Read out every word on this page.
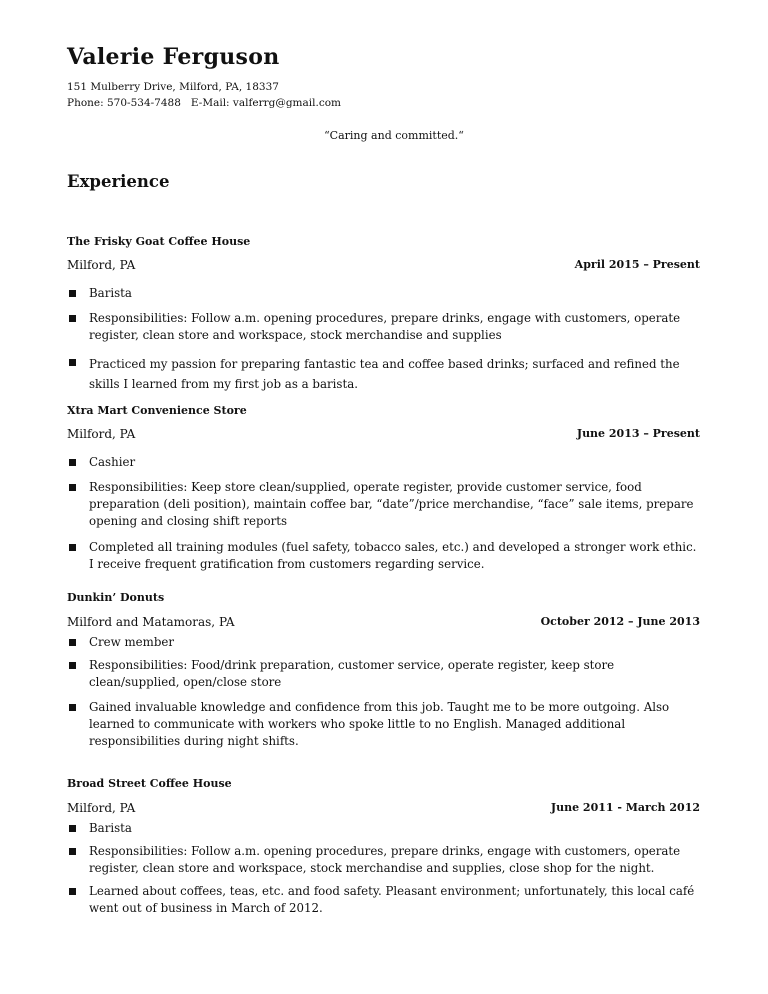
Valerie Ferguson
151 Mulberry Drive, Milford, PA, 18337
Phone: 570-534-7488   E-Mail: valferrg@gmail.com
“Caring and committed.“
Experience
The Frisky Goat Coffee House
Milford, PA	April 2015 – Present
Barista
Responsibilities: Follow a.m. opening procedures, prepare drinks, engage with customers, operate register, clean store and workspace, stock merchandise and supplies
Practiced my passion for preparing fantastic tea and coffee based drinks; surfaced and refined the skills I learned from my first job as a barista.
Xtra Mart Convenience Store
Milford, PA	June 2013 – Present
Cashier
Responsibilities: Keep store clean/supplied, operate register, provide customer service, food preparation (deli position), maintain coffee bar, “date”/price merchandise, “face” sale items, prepare opening and closing shift reports
Completed all training modules (fuel safety, tobacco sales, etc.) and developed a stronger work ethic. I receive frequent gratification from customers regarding service.
Dunkin’ Donuts
Milford and Matamoras, PA	October 2012 – June 2013
Crew member
Responsibilities: Food/drink preparation, customer service, operate register, keep store clean/supplied, open/close store
Gained invaluable knowledge and confidence from this job. Taught me to be more outgoing. Also learned to communicate with workers who spoke little to no English. Managed additional responsibilities during night shifts.
Broad Street Coffee House
Milford, PA	June 2011 - March 2012
Barista
Responsibilities: Follow a.m. opening procedures, prepare drinks, engage with customers, operate register, clean store and workspace, stock merchandise and supplies, close shop for the night.
Learned about coffees, teas, etc. and food safety. Pleasant environment; unfortunately, this local café went out of business in March of 2012.
